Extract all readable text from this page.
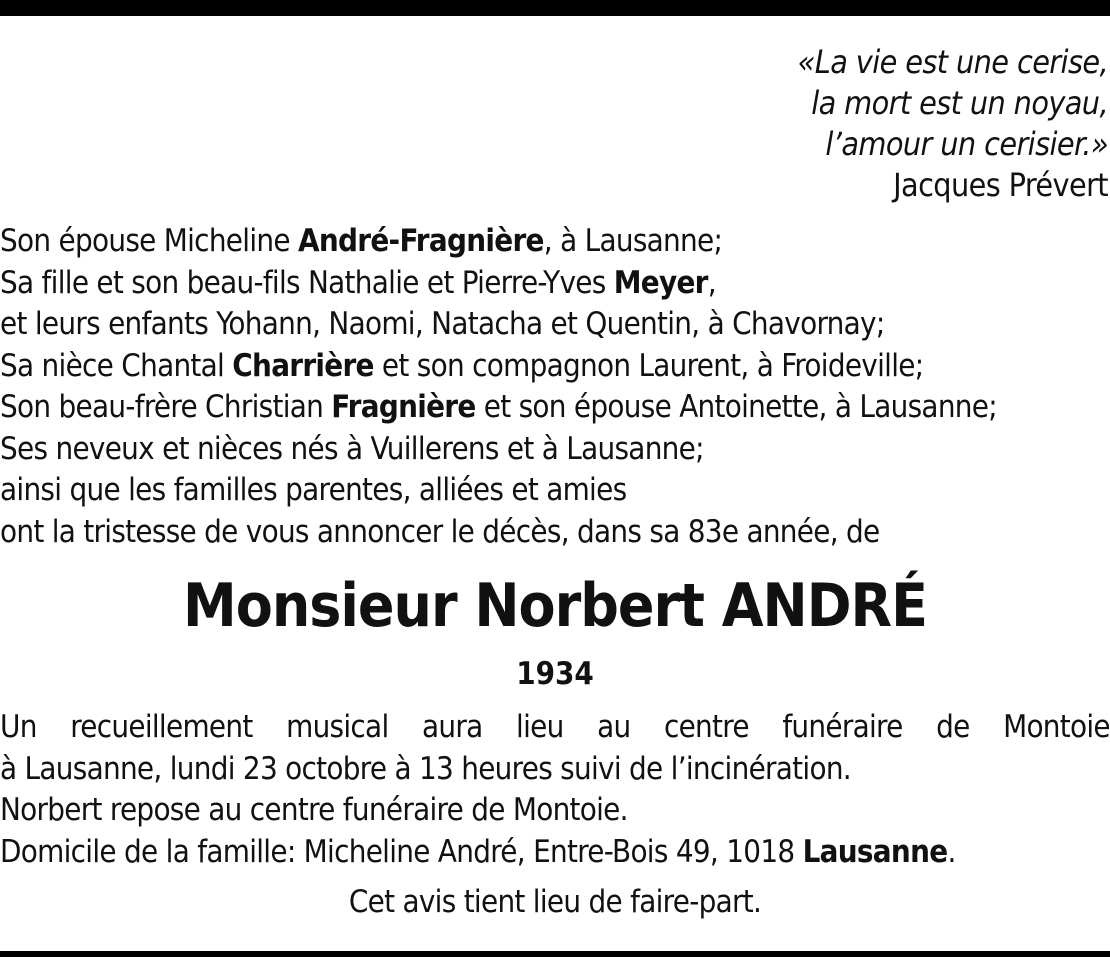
«La vie est une cerise,
la mort est un noyau,
l’amour un cerisier.»
Jacques Prévert
Son épouse Micheline André-Fragnière, à Lausanne;
Sa fille et son beau-fils Nathalie et Pierre-Yves Meyer,
et leurs enfants Yohann, Naomi, Natacha et Quentin, à Chavornay;
Sa nièce Chantal Charrière et son compagnon Laurent, à Froideville;
Son beau-frère Christian Fragnière et son épouse Antoinette, à Lausanne;
Ses neveux et nièces nés à Vuillerens et à Lausanne;
ainsi que les familles parentes, alliées et amies
ont la tristesse de vous annoncer le décès, dans sa 83e année, de
Monsieur Norbert ANDRÉ
1934
Un recueillement musical aura lieu au centre funéraire de Montoie
à Lausanne, lundi 23 octobre à 13 heures suivi de l’incinération.
Norbert repose au centre funéraire de Montoie.
Domicile de la famille: Micheline André, Entre-Bois 49, 1018 Lausanne.
Cet avis tient lieu de faire-part.
